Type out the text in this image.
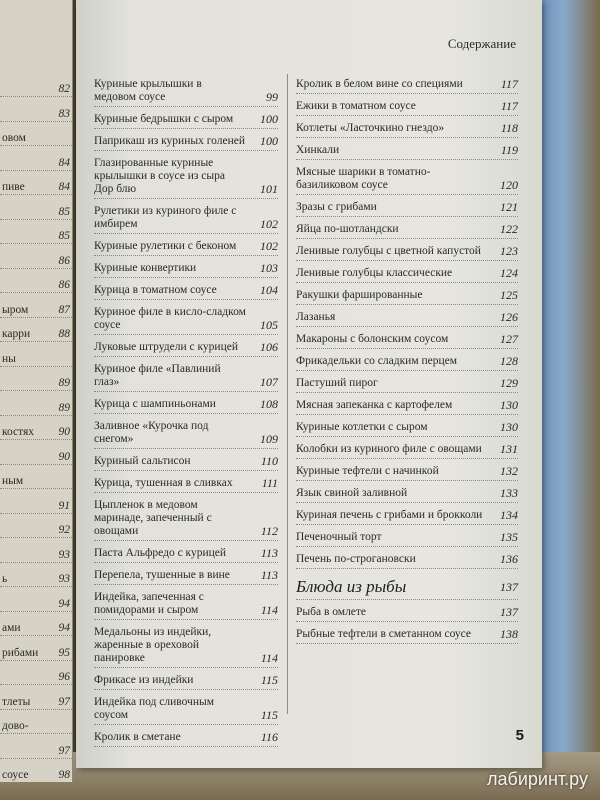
82
83
овом
84
пиве	84
85
85
86
86
ыром	87
карри 88
ны
89
89
костях 90
90
ным
91
92
93
ь	93
94
ами	94
рибами 95
96
тлеты 97
дово-
97
соусе	98
Содержание
Куриные крылышки в медовом соусе	99
Куриные бедрышки с сыром	100
Паприкаш из куриных голеней	100
Глазированные куриные крылышки в соусе из сыра Дор блю	101
Рулетики из куриного филе с имбирем	102
Куриные рулетики с беконом	102
Куриные конвертики	103
Курица в томатном соусе	104
Куриное филе в кисло-сладком соусе	105
Луковые штрудели с курицей	106
Куриное филе «Павлиний глаз»	107
Курица с шампиньонами	108
Заливное «Курочка под снегом»	109
Куриный сальтисон	110
Курица, тушенная в сливках	111
Цыпленок в медовом маринаде, запеченный с овощами	112
Паста Альфредо с курицей	113
Перепела, тушенные в вине	113
Индейка, запеченная с помидорами и сыром	114
Медальоны из индейки, жаренные в ореховой панировке	114
Фрикасе из индейки	115
Индейка под сливочным соусом	115
Кролик в сметане	116
Кролик в белом вине со специями	117
Ежики в томатном соусе	117
Котлеты «Ласточкино гнездо»	118
Хинкали	119
Мясные шарики в томатно-базиликовом соусе	120
Зразы с грибами	121
Яйца по-шотландски	122
Ленивые голубцы с цветной капустой	123
Ленивые голубцы классические	124
Ракушки фаршированные	125
Лазанья	126
Макароны с болонским соусом	127
Фрикадельки со сладким перцем	128
Пастуший пирог	129
Мясная запеканка с картофелем	130
Куриные котлетки с сыром	130
Колобки из куриного филе с овощами	131
Куриные тефтели с начинкой	132
Язык свиной заливной	133
Куриная печень с грибами и брокколи	134
Печеночный торт	135
Печень по-строгановски	136
Блюда из рыбы	137
Рыба в омлете	137
Рыбные тефтели в сметанном соусе	138
5
лабиринт.ру
